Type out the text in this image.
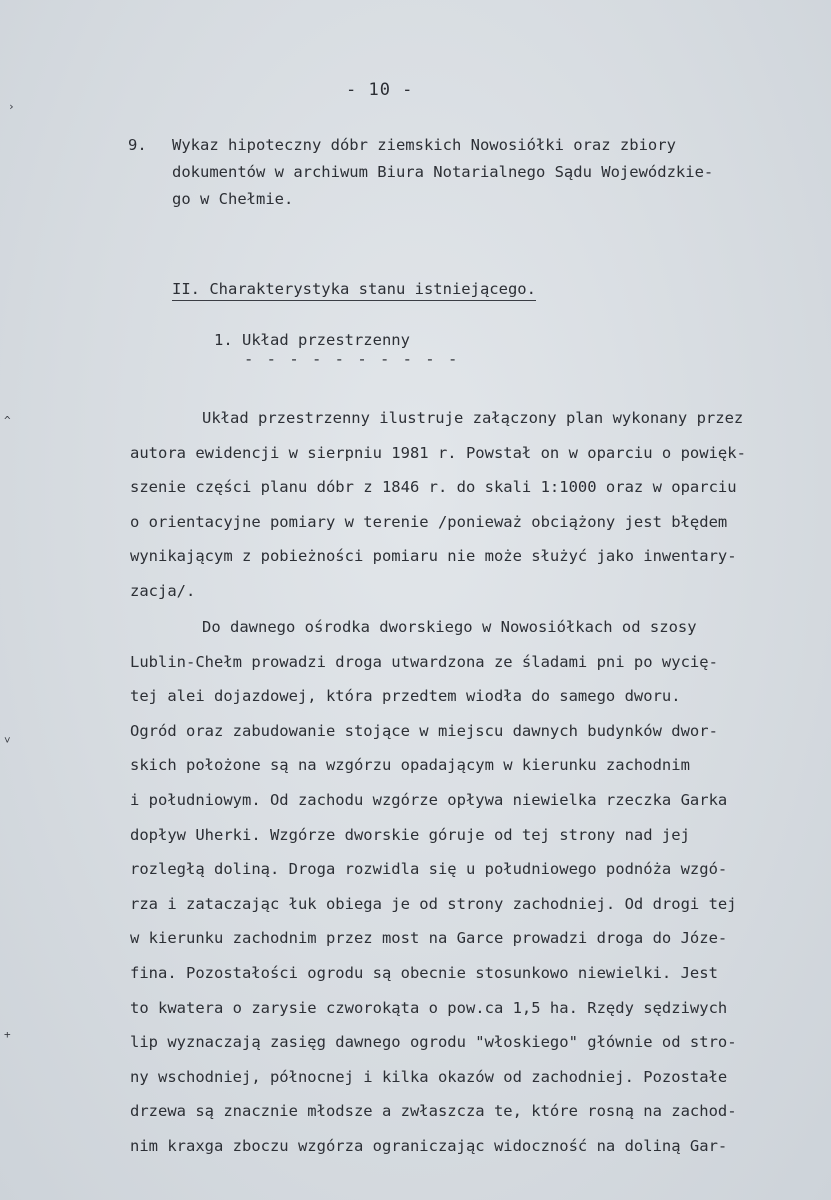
›
^
˅
+
- 10 -
9.	Wykaz hipoteczny dóbr ziemskich Nowosiółki oraz zbiory
dokumentów w archiwum Biura Notarialnego Sądu Wojewódzkie-
go w Chełmie.
II. Charakterystyka stanu istniejącego.
1. Układ przestrzenny
- - - - - - - - - -
Układ przestrzenny ilustruje załączony plan wykonany przez
autora ewidencji w sierpniu 1981 r. Powstał on w oparciu o powięk-
szenie części planu dóbr z 1846 r. do skali 1:1000 oraz w oparciu
o orientacyjne pomiary w terenie /ponieważ obciążony jest błędem
wynikającym z pobieżności pomiaru nie może służyć jako inwentary-
zacja/.
Do dawnego ośrodka dworskiego w Nowosiółkach od szosy
Lublin-Chełm prowadzi droga utwardzona ze śladami pni po wycię-
tej alei dojazdowej, która przedtem wiodła do samego dworu.
Ogród oraz zabudowanie stojące w miejscu dawnych budynków dwor-
skich położone są na wzgórzu opadającym w kierunku zachodnim
i południowym. Od zachodu wzgórze opływa niewielka rzeczka Garka
dopływ Uherki. Wzgórze dworskie góruje od tej strony nad jej
rozległą doliną. Droga rozwidla się u południowego podnóża wzgó-
rza i zataczając łuk obiega je od strony zachodniej. Od drogi tej
w kierunku zachodnim przez most na Garce prowadzi droga do Józe-
fina. Pozostałości ogrodu są obecnie stosunkowo niewielki. Jest
to kwatera o zarysie czworokąta o pow.ca 1,5 ha. Rzędy sędziwych
lip wyznaczają zasięg dawnego ogrodu "włoskiego" głównie od stro-
ny wschodniej, północnej i kilka okazów od zachodniej. Pozostałe
drzewa są znacznie młodsze a zwłaszcza te, które rosną na zachod-
nim kraxga zboczu wzgórza ograniczając widoczność na doliną Gar-
